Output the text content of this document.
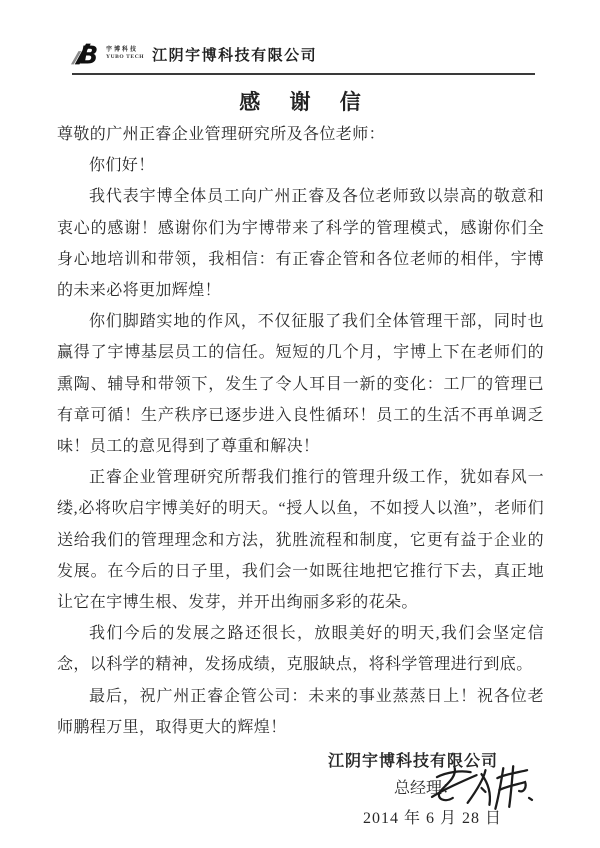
B 宇博科技
YUBO TECH 江阴宇博科技有限公司
感 谢 信

尊敬的广州正睿企业管理研究所及各位老师：

你们好！

我代表宇博全体员工向广州正睿及各位老师致以崇高的敬意和衷心的感谢！感谢你们为宇博带来了科学的管理模式，感谢你们全身心地培训和带领，我相信：有正睿企管和各位老师的相伴，宇博的未来必将更加辉煌！

你们脚踏实地的作风，不仅征服了我们全体管理干部，同时也赢得了宇博基层员工的信任。短短的几个月，宇博上下在老师们的熏陶、辅导和带领下，发生了令人耳目一新的变化：工厂的管理已有章可循！生产秩序已逐步进入良性循环！员工的生活不再单调乏味！员工的意见得到了尊重和解决！

正睿企业管理研究所帮我们推行的管理升级工作，犹如春风一缕,必将吹启宇博美好的明天。“授人以鱼，不如授人以渔”，老师们送给我们的管理理念和方法，犹胜流程和制度，它更有益于企业的发展。在今后的日子里，我们会一如既往地把它推行下去，真正地让它在宇博生根、发芽，并开出绚丽多彩的花朵。

我们今后的发展之路还很长，放眼美好的明天,我们会坚定信念，以科学的精神，发扬成绩，克服缺点，将科学管理进行到底。

最后，祝广州正睿企管公司：未来的事业蒸蒸日上！祝各位老师鹏程万里，取得更大的辉煌！

江阴宇博科技有限公司
总经理：
2014 年 6 月 28 日
